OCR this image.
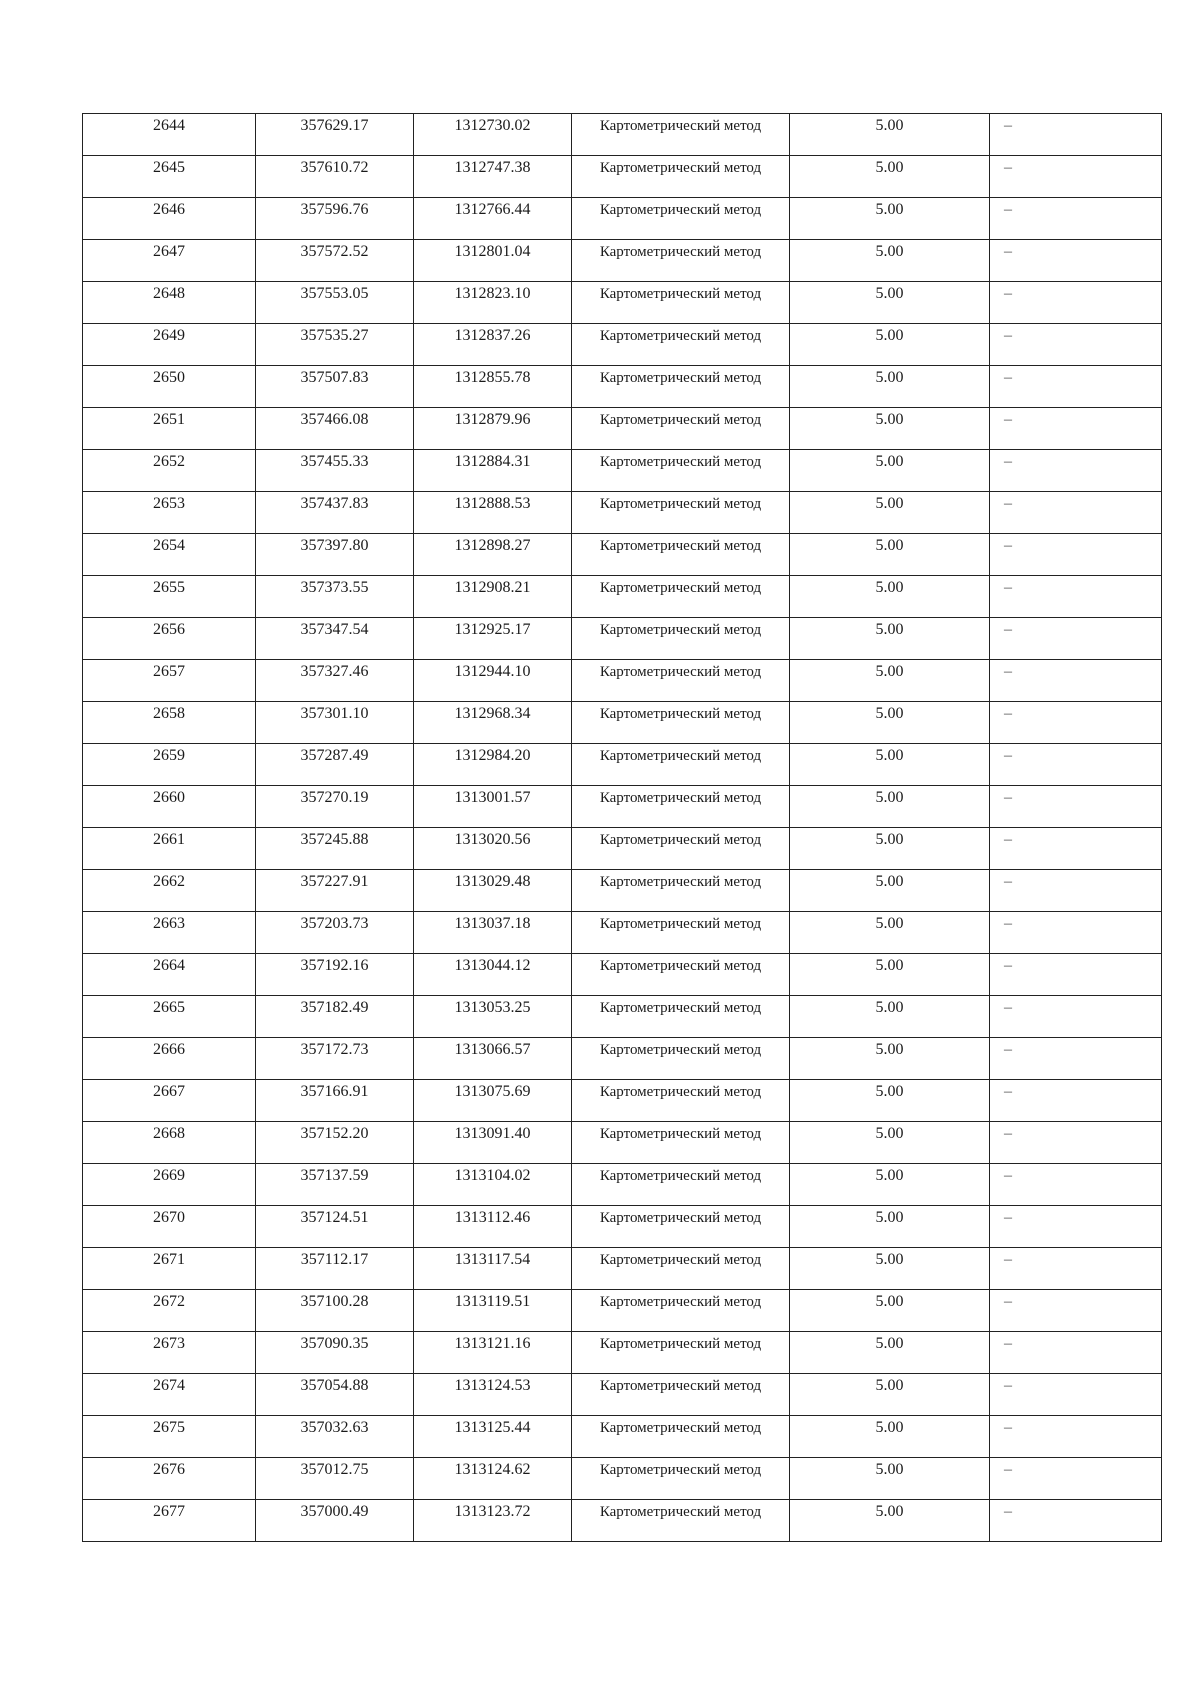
2644	357629.17	1312730.02	Картометрический метод	5.00	–
2645	357610.72	1312747.38	Картометрический метод	5.00	–
2646	357596.76	1312766.44	Картометрический метод	5.00	–
2647	357572.52	1312801.04	Картометрический метод	5.00	–
2648	357553.05	1312823.10	Картометрический метод	5.00	–
2649	357535.27	1312837.26	Картометрический метод	5.00	–
2650	357507.83	1312855.78	Картометрический метод	5.00	–
2651	357466.08	1312879.96	Картометрический метод	5.00	–
2652	357455.33	1312884.31	Картометрический метод	5.00	–
2653	357437.83	1312888.53	Картометрический метод	5.00	–
2654	357397.80	1312898.27	Картометрический метод	5.00	–
2655	357373.55	1312908.21	Картометрический метод	5.00	–
2656	357347.54	1312925.17	Картометрический метод	5.00	–
2657	357327.46	1312944.10	Картометрический метод	5.00	–
2658	357301.10	1312968.34	Картометрический метод	5.00	–
2659	357287.49	1312984.20	Картометрический метод	5.00	–
2660	357270.19	1313001.57	Картометрический метод	5.00	–
2661	357245.88	1313020.56	Картометрический метод	5.00	–
2662	357227.91	1313029.48	Картометрический метод	5.00	–
2663	357203.73	1313037.18	Картометрический метод	5.00	–
2664	357192.16	1313044.12	Картометрический метод	5.00	–
2665	357182.49	1313053.25	Картометрический метод	5.00	–
2666	357172.73	1313066.57	Картометрический метод	5.00	–
2667	357166.91	1313075.69	Картометрический метод	5.00	–
2668	357152.20	1313091.40	Картометрический метод	5.00	–
2669	357137.59	1313104.02	Картометрический метод	5.00	–
2670	357124.51	1313112.46	Картометрический метод	5.00	–
2671	357112.17	1313117.54	Картометрический метод	5.00	–
2672	357100.28	1313119.51	Картометрический метод	5.00	–
2673	357090.35	1313121.16	Картометрический метод	5.00	–
2674	357054.88	1313124.53	Картометрический метод	5.00	–
2675	357032.63	1313125.44	Картометрический метод	5.00	–
2676	357012.75	1313124.62	Картометрический метод	5.00	–
2677	357000.49	1313123.72	Картометрический метод	5.00	–
